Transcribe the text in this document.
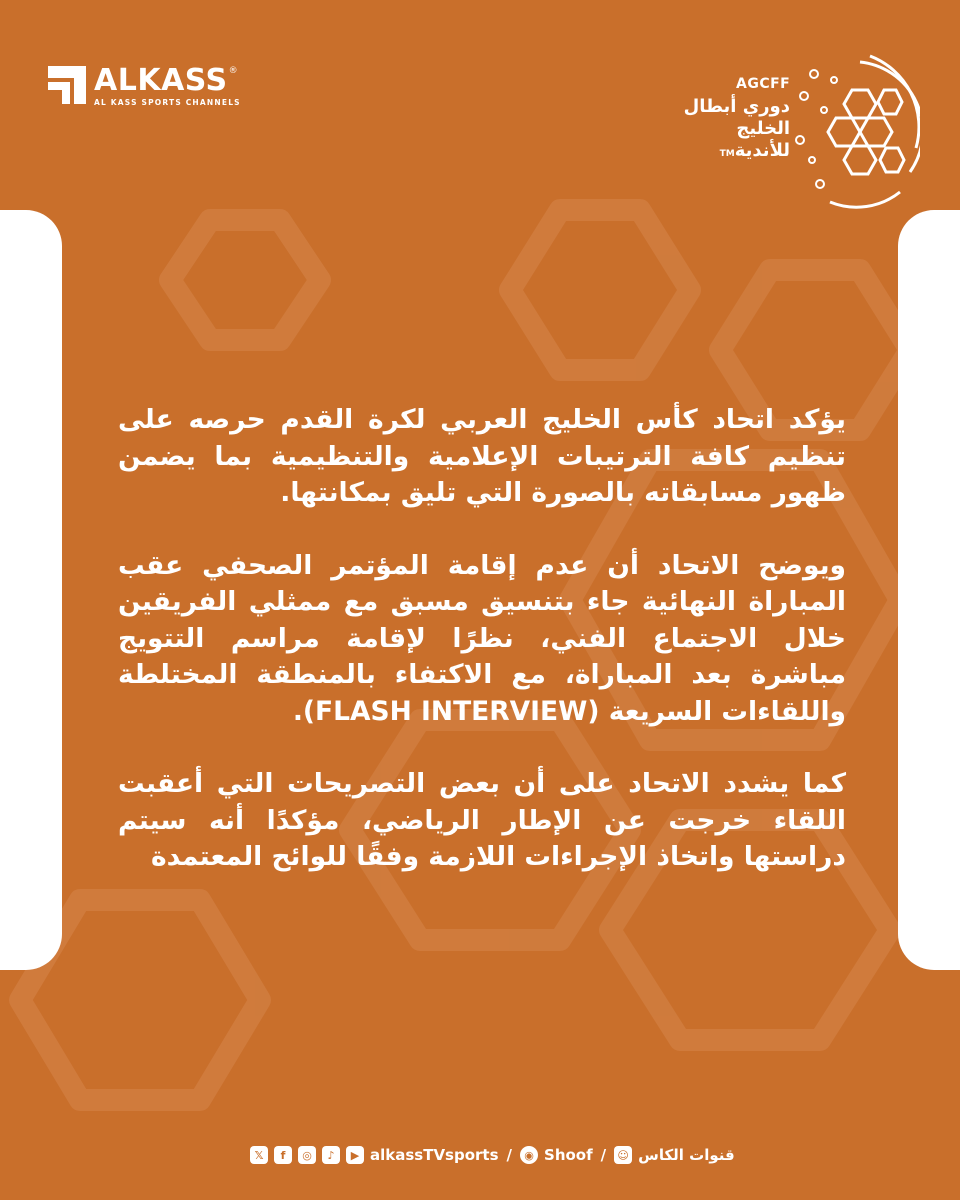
ALKASS®
AL KASS SPORTS CHANNELS
AGCFF
دوري أبطال
الخليج
للأنديةTM

يؤكد اتحاد كأس الخليج العربي لكرة القدم حرصه على تنظيم كافة الترتيبات الإعلامية والتنظيمية بما يضمن ظهور مسابقاته بالصورة التي تليق بمكانتها.

ويوضح الاتحاد أن عدم إقامة المؤتمر الصحفي عقب المباراة النهائية جاء بتنسيق مسبق مع ممثلي الفريقين خلال الاجتماع الفني، نظرًا لإقامة مراسم التتويج مباشرة بعد المباراة، مع الاكتفاء بالمنطقة المختلطة واللقاءات السريعة (FLASH INTERVIEW).

كما يشدد الاتحاد على أن بعض التصريحات التي أعقبت اللقاء خرجت عن الإطار الرياضي، مؤكدًا أنه سيتم دراستها واتخاذ الإجراءات اللازمة وفقًا للوائح المعتمدة

𝕏	f	◎	♪	▶ alkassTVsports /	◉ Shoof / ☺ قنوات الكاس
